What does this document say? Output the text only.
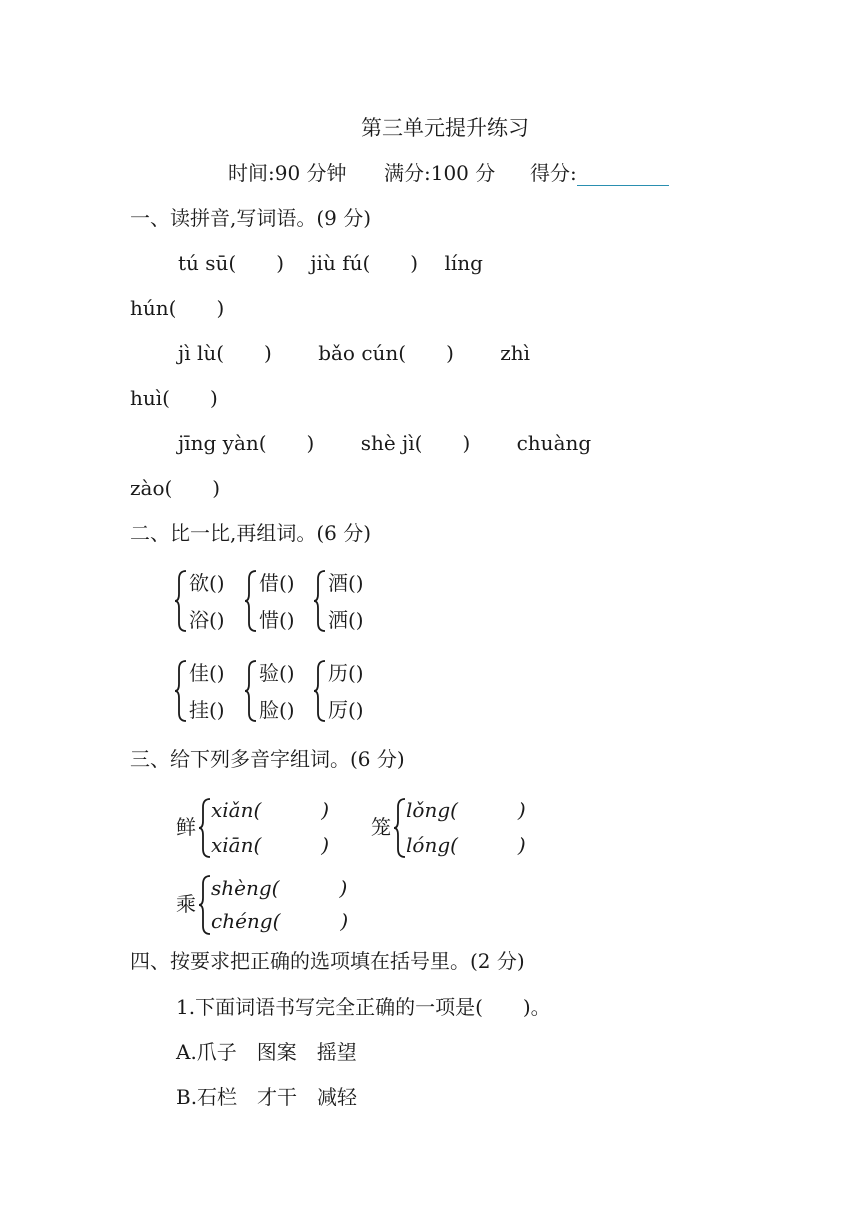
第三单元提升练习
时间:90 分钟 满分:100 分 得分:
一、读拼音,写词语。(9 分)
tú sū(　　)　 jiù fú(　　)　 líng
hún(　　)
jì lù(　　)　　 bǎo cún(　　)　　 zhì
huì(　　)
jīng yàn(　　)　　 shè jì(　　)　　 chuàng
zào(　　)
二、比一比,再组词。(6 分)
欲()
浴()
借()
惜()
酒()
洒()
佳()
挂()
验()
脸()
历()
厉()
三、给下列多音字组词。(6 分)
鲜
xiǎn(　　　)
xiān(　　　)
笼
lǒng(　　　)
lóng(　　　)
乘
shèng(　　　)
chéng(　　　)
四、按要求把正确的选项填在括号里。(2 分)
1.下面词语书写完全正确的一项是(　　)。
A.爪子　图案　摇望
B.石栏　才干　减轻
